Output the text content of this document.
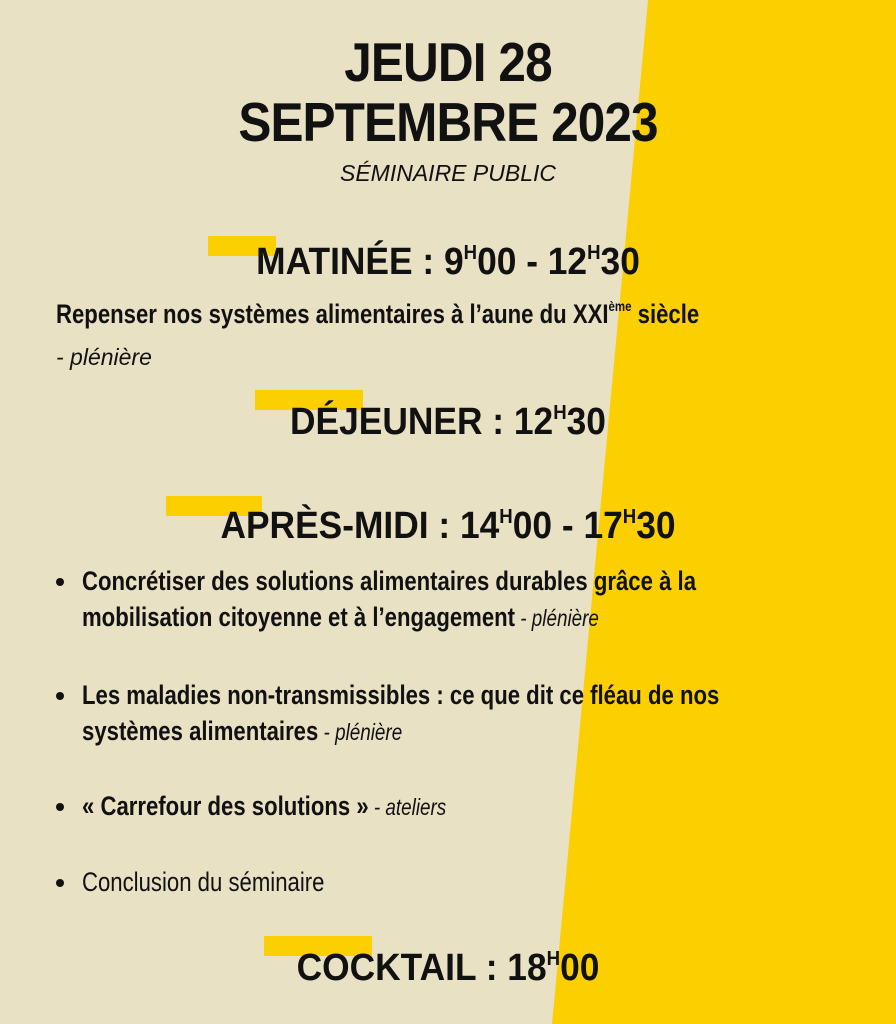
JEUDI 28
SEPTEMBRE 2023
SÉMINAIRE PUBLIC
MATINÉE : $9^H00 - 12^H30$
Repenser nos systèmes alimentaires à l’aune du XXIème siècle
- plénière
DÉJEUNER : $12^H30$
APRÈS-MIDI : $14^H00 - 17^H30$
Concrétiser des solutions alimentaires durables grâce à la
mobilisation citoyenne et à l’engagement - plénière
Les maladies non-transmissibles : ce que dit ce fléau de nos
systèmes alimentaires - plénière
« Carrefour des solutions » - ateliers
Conclusion du séminaire
COCKTAIL : $18^H00$
